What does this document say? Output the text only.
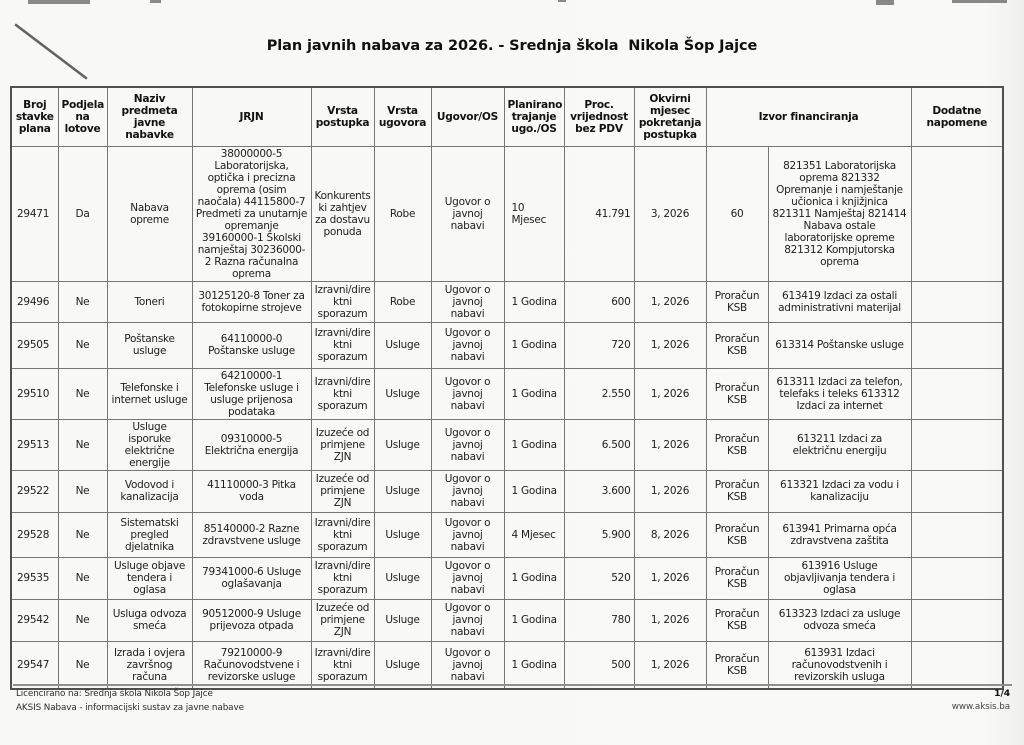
Plan javnih nabava za 2026. - Srednja škola  Nikola Šop Jajce
Broj stavke plana	Podjela na lotove	Naziv predmeta javne nabavke	JRJN	Vrsta postupka	Vrsta ugovora	Ugovor/OS	Planirano trajanje ugo./OS	Proc. vrijednost bez PDV	Okvirni mjesec pokretanja postupka	Izvor financiranja		Dodatne napomene
29471	Da	Nabava opreme	38000000-5 Laboratorijska, optička i precizna oprema (osim naočala) 44115800-7 Predmeti za unutarnje opremanje 39160000-1 Školski namještaj 30236000-2 Razna računalna oprema	Konkurents ki zahtjev za dostavu ponuda	Robe	Ugovor o javnoj nabavi	10 Mjesec	41.791	3, 2026	60	821351 Laboratorijska oprema 821332 Opremanje i namještanje učionica i knjižjnica 821311 Namještaj 821414 Nabava ostale laboratorijske opreme 821312 Kompjutorska oprema	
29496	Ne	Toneri	30125120-8 Toner za fotokopirne strojeve	Izravni/dire ktni sporazum	Robe	Ugovor o javnoj nabavi	1 Godina	600	1, 2026	Proračun KSB	613419 Izdaci za ostali administrativni materijal	
29505	Ne	Poštanske usluge	64110000-0 Poštanske usluge	Izravni/dire ktni sporazum	Usluge	Ugovor o javnoj nabavi	1 Godina	720	1, 2026	Proračun KSB	613314 Poštanske usluge	
29510	Ne	Telefonske i internet usluge	64210000-1 Telefonske usluge i usluge prijenosa podataka	Izravni/dire ktni sporazum	Usluge	Ugovor o javnoj nabavi	1 Godina	2.550	1, 2026	Proračun KSB	613311 Izdaci za telefon, telefaks i teleks 613312 Izdaci za internet	
29513	Ne	Usluge isporuke električne energije	09310000-5 Električna energija	Izuzeće od primjene ZJN	Usluge	Ugovor o javnoj nabavi	1 Godina	6.500	1, 2026	Proračun KSB	613211 Izdaci za električnu energiju	
29522	Ne	Vodovod i kanalizacija	41110000-3 Pitka voda	Izuzeće od primjene ZJN	Usluge	Ugovor o javnoj nabavi	1 Godina	3.600	1, 2026	Proračun KSB	613321 Izdaci za vodu i kanalizaciju	
29528	Ne	Sistematski pregled djelatnika	85140000-2 Razne zdravstvene usluge	Izravni/dire ktni sporazum	Usluge	Ugovor o javnoj nabavi	4 Mjesec	5.900	8, 2026	Proračun KSB	613941 Primarna opća zdravstvena zaštita	
29535	Ne	Usluge objave tendera i oglasa	79341000-6 Usluge oglašavanja	Izravni/dire ktni sporazum	Usluge	Ugovor o javnoj nabavi	1 Godina	520	1, 2026	Proračun KSB	613916 Usluge objavljivanja tendera i oglasa	
29542	Ne	Usluga odvoza smeća	90512000-9 Usluge prijevoza otpada	Izuzeće od primjene ZJN	Usluge	Ugovor o javnoj nabavi	1 Godina	780	1, 2026	Proračun KSB	613323 Izdaci za usluge odvoza smeća	
29547	Ne	Izrada i ovjera završnog računa	79210000-9 Računovodstvene i revizorske usluge	Izravni/dire ktni sporazum	Usluge	Ugovor o javnoj nabavi	1 Godina	500	1, 2026	Proračun KSB	613931 Izdaci računovodstvenih i revizorskih usluga	
Licencirano na: Srednja škola Nikola Šop Jajce
AKSIS Nabava - informacijski sustav za javne nabave
1/4
www.aksis.ba
